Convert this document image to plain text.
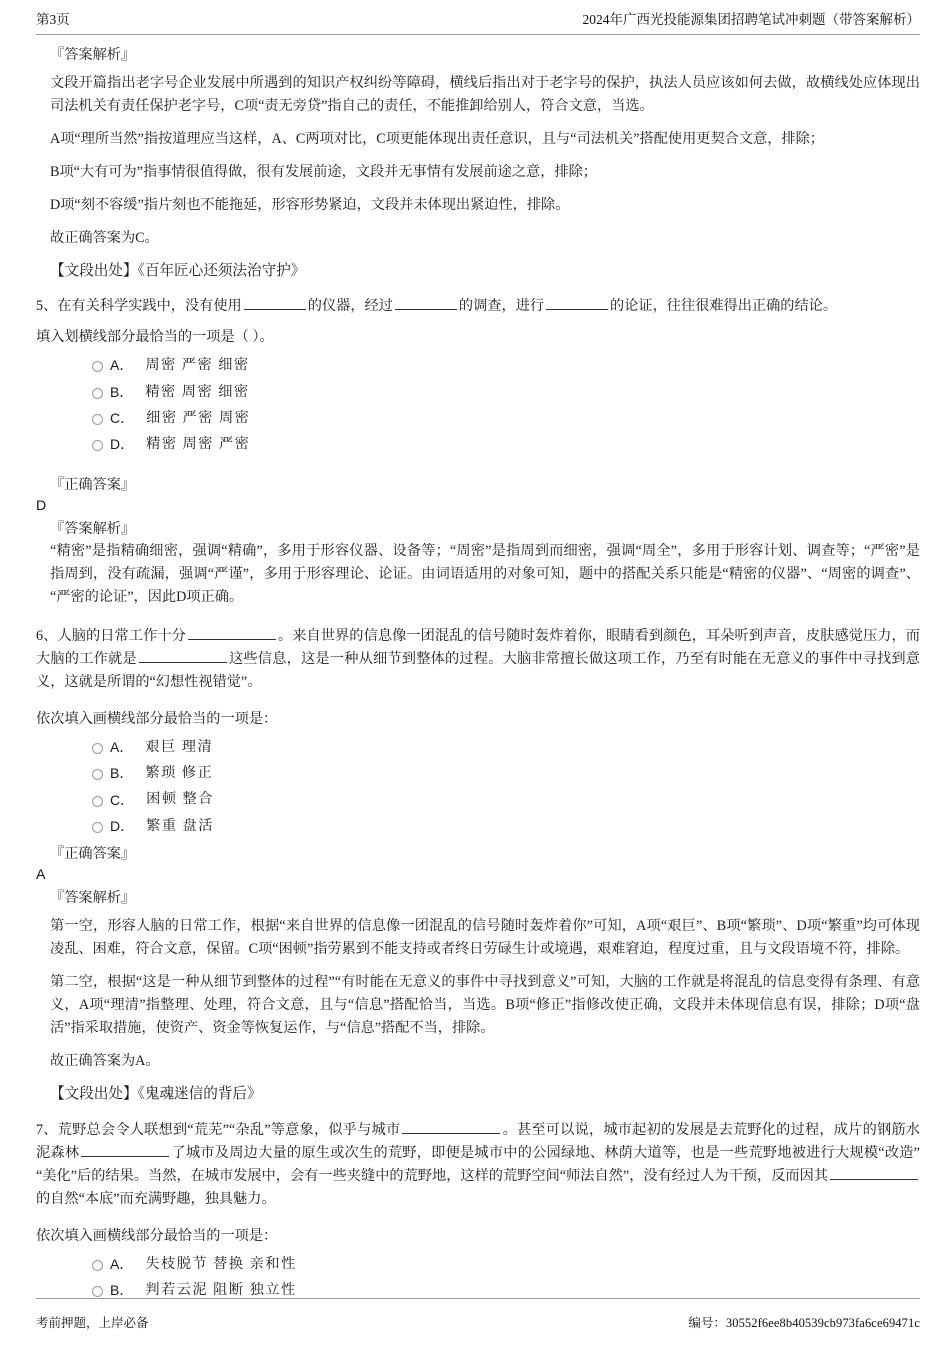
第3页	2024年广西光投能源集团招聘笔试冲刺题（带答案解析）
『答案解析』

文段开篇指出老字号企业发展中所遇到的知识产权纠纷等障碍，横线后指出对于老字号的保护，执法人员应该如何去做，故横线处应体现出司法机关有责任保护老字号，C项“责无旁贷”指自己的责任，不能推卸给别人，符合文意，当选。

A项“理所当然”指按道理应当这样，A、C两项对比，C项更能体现出责任意识，且与“司法机关”搭配使用更契合文意，排除；

B项“大有可为”指事情很值得做，很有发展前途，文段并无事情有发展前途之意，排除；

D项“刻不容缓”指片刻也不能拖延，形容形势紧迫，文段并未体现出紧迫性，排除。

故正确答案为C。

【文段出处】《百年匠心还须法治守护》

5、在有关科学实践中，没有使用	的仪器，经过	的调查，进行	的论证，往往很难得出正确的结论。

填入划横线部分最恰当的一项是（ ）。

A． 周密 严密 细密
B． 精密 周密 细密
C． 细密 严密 周密
D． 精密 周密 严密
『正确答案』
D
『答案解析』

“精密”是指精确细密，强调“精确”，多用于形容仪器、设备等；“周密”是指周到而细密，强调“周全”，多用于形容计划、调查等；“严密”是指周到，没有疏漏，强调“严谨”，多用于形容理论、论证。由词语适用的对象可知，题中的搭配关系只能是“精密的仪器”、“周密的调查”、“严密的论证”，因此D项正确。

6、人脑的日常工作十分	。来自世界的信息像一团混乱的信号随时轰炸着你，眼睛看到颜色，耳朵听到声音，皮肤感觉压力，而大脑的工作就是	这些信息，这是一种从细节到整体的过程。大脑非常擅长做这项工作，乃至有时能在无意义的事件中寻找到意义，这就是所谓的“幻想性视错觉”。

依次填入画横线部分最恰当的一项是：

A． 艰巨 理清
B． 繁琐 修正
C． 困顿 整合
D． 繁重 盘活
『正确答案』
A
『答案解析』

第一空，形容人脑的日常工作，根据“来自世界的信息像一团混乱的信号随时轰炸着你”可知，A项“艰巨”、B项“繁琐”、D项“繁重”均可体现凌乱、困难，符合文意，保留。C项“困顿”指劳累到不能支持或者终日劳碌生计或境遇，艰难窘迫，程度过重，且与文段语境不符，排除。

第二空，根据“这是一种从细节到整体的过程”“有时能在无意义的事件中寻找到意义”可知，大脑的工作就是将混乱的信息变得有条理、有意义，A项“理清”指整理、处理，符合文意，且与“信息”搭配恰当，当选。B项“修正”指修改使正确，文段并未体现信息有误，排除；D项“盘活”指采取措施，使资产、资金等恢复运作，与“信息”搭配不当，排除。

故正确答案为A。

【文段出处】《鬼魂迷信的背后》

7、荒野总会令人联想到“荒芜”“杂乱”等意象，似乎与城市	。甚至可以说，城市起初的发展是去荒野化的过程，成片的钢筋水泥森林	了城市及周边大量的原生或次生的荒野，即便是城市中的公园绿地、林荫大道等，也是一些荒野地被进行大规模“改造”“美化”后的结果。当然，在城市发展中，会有一些夹缝中的荒野地，这样的荒野空间“师法自然”，没有经过人为干预，反而因其的自然“本底”而充满野趣，独具魅力。

依次填入画横线部分最恰当的一项是：

A． 失枝脱节 替换 亲和性
B． 判若云泥 阻断 独立性
考前押题，上岸必备	编号：30552f6ee8b40539cb973fa6ce69471c
